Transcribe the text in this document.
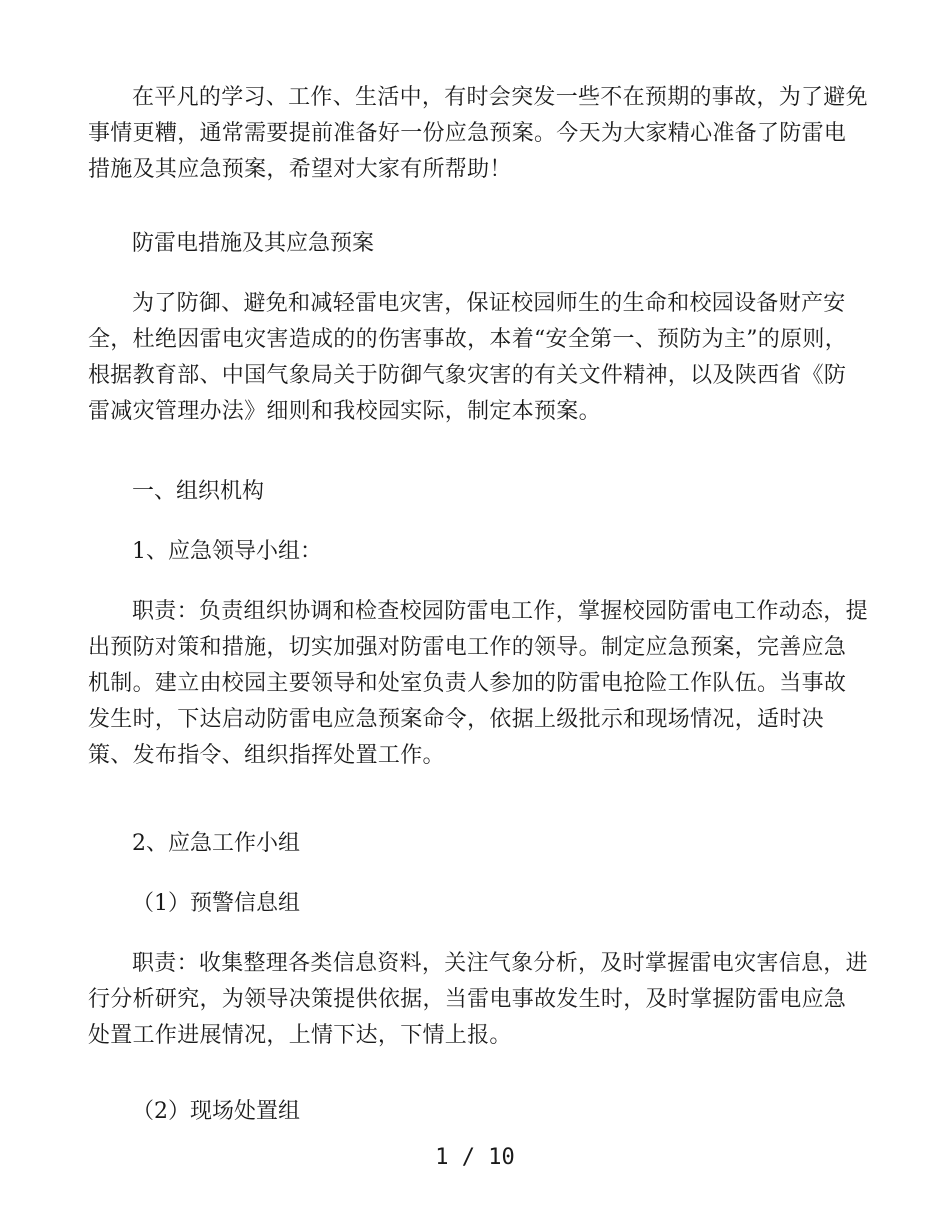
在平凡的学习、工作、生活中，有时会突发一些不在预期的事故，为了避免事情更糟，通常需要提前准备好一份应急预案。今天为大家精心准备了防雷电措施及其应急预案，希望对大家有所帮助！

防雷电措施及其应急预案

为了防御、避免和减轻雷电灾害，保证校园师生的生命和校园设备财产安全，杜绝因雷电灾害造成的的伤害事故，本着“安全第一、预防为主”的原则，根据教育部、中国气象局关于防御气象灾害的有关文件精神，以及陕西省《防雷减灾管理办法》细则和我校园实际，制定本预案。

一、组织机构

1、应急领导小组：

职责：负责组织协调和检查校园防雷电工作，掌握校园防雷电工作动态，提出预防对策和措施，切实加强对防雷电工作的领导。制定应急预案，完善应急机制。建立由校园主要领导和处室负责人参加的防雷电抢险工作队伍。当事故发生时，下达启动防雷电应急预案命令，依据上级批示和现场情况，适时决策、发布指令、组织指挥处置工作。

2、应急工作小组

（1）预警信息组

职责：收集整理各类信息资料，关注气象分析，及时掌握雷电灾害信息，进行分析研究，为领导决策提供依据，当雷电事故发生时，及时掌握防雷电应急处置工作进展情况，上情下达，下情上报。

（2）现场处置组

1 / 10
